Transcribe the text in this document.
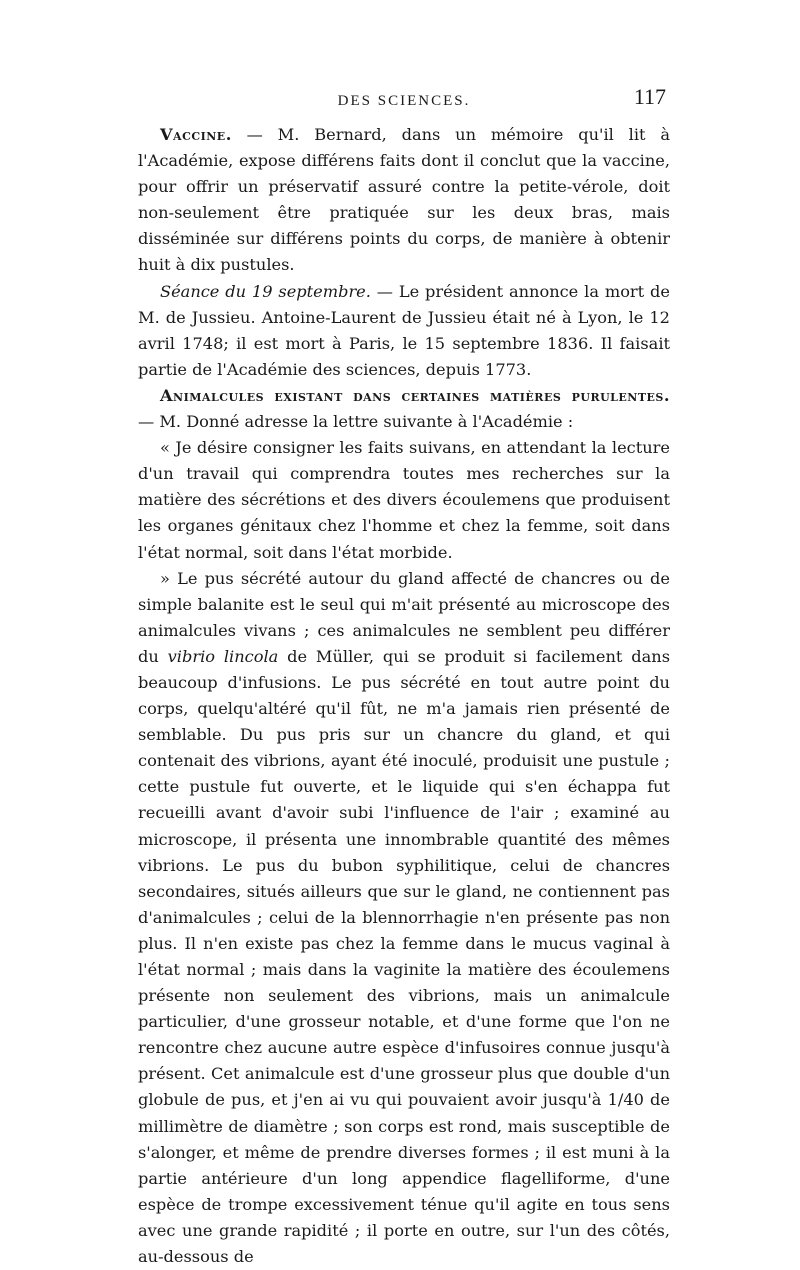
DES SCIENCES.	117

Vaccine. — M. Bernard, dans un mémoire qu'il lit à l'Académie, expose différens faits dont il conclut que la vaccine, pour offrir un préservatif assuré contre la petite-vérole, doit non-seulement être pratiquée sur les deux bras, mais disséminée sur différens points du corps, de manière à obtenir huit à dix pustules.

Séance du 19 septembre. — Le président annonce la mort de M. de Jussieu. Antoine-Laurent de Jussieu était né à Lyon, le 12 avril 1748; il est mort à Paris, le 15 septembre 1836. Il faisait partie de l'Académie des sciences, depuis 1773.

Animalcules existant dans certaines matières purulentes. — M. Donné adresse la lettre suivante à l'Académie :

« Je désire consigner les faits suivans, en attendant la lecture d'un travail qui comprendra toutes mes recherches sur la matière des sécrétions et des divers écoulemens que produisent les organes génitaux chez l'homme et chez la femme, soit dans l'état normal, soit dans l'état morbide.

» Le pus sécrété autour du gland affecté de chancres ou de simple balanite est le seul qui m'ait présenté au microscope des animalcules vivans ; ces animalcules ne semblent peu différer du vibrio lincola de Müller, qui se produit si facilement dans beaucoup d'infusions. Le pus sécrété en tout autre point du corps, quelqu'altéré qu'il fût, ne m'a jamais rien présenté de semblable. Du pus pris sur un chancre du gland, et qui contenait des vibrions, ayant été inoculé, produisit une pustule ; cette pustule fut ouverte, et le liquide qui s'en échappa fut recueilli avant d'avoir subi l'influence de l'air ; examiné au microscope, il présenta une innombrable quantité des mêmes vibrions. Le pus du bubon syphilitique, celui de chancres secondaires, situés ailleurs que sur le gland, ne contiennent pas d'animalcules ; celui de la blennorrhagie n'en présente pas non plus. Il n'en existe pas chez la femme dans le mucus vaginal à l'état normal ; mais dans la vaginite la matière des écoulemens présente non seulement des vibrions, mais un animalcule particulier, d'une grosseur notable, et d'une forme que l'on ne rencontre chez aucune autre espèce d'infusoires connue jusqu'à présent. Cet animalcule est d'une grosseur plus que double d'un globule de pus, et j'en ai vu qui pouvaient avoir jusqu'à 1/40 de millimètre de diamètre ; son corps est rond, mais susceptible de s'alonger, et même de prendre diverses formes ; il est muni à la partie antérieure d'un long appendice flagelliforme, d'une espèce de trompe excessivement ténue qu'il agite en tous sens avec une grande rapidité ; il porte en outre, sur l'un des côtés, au-dessous de
